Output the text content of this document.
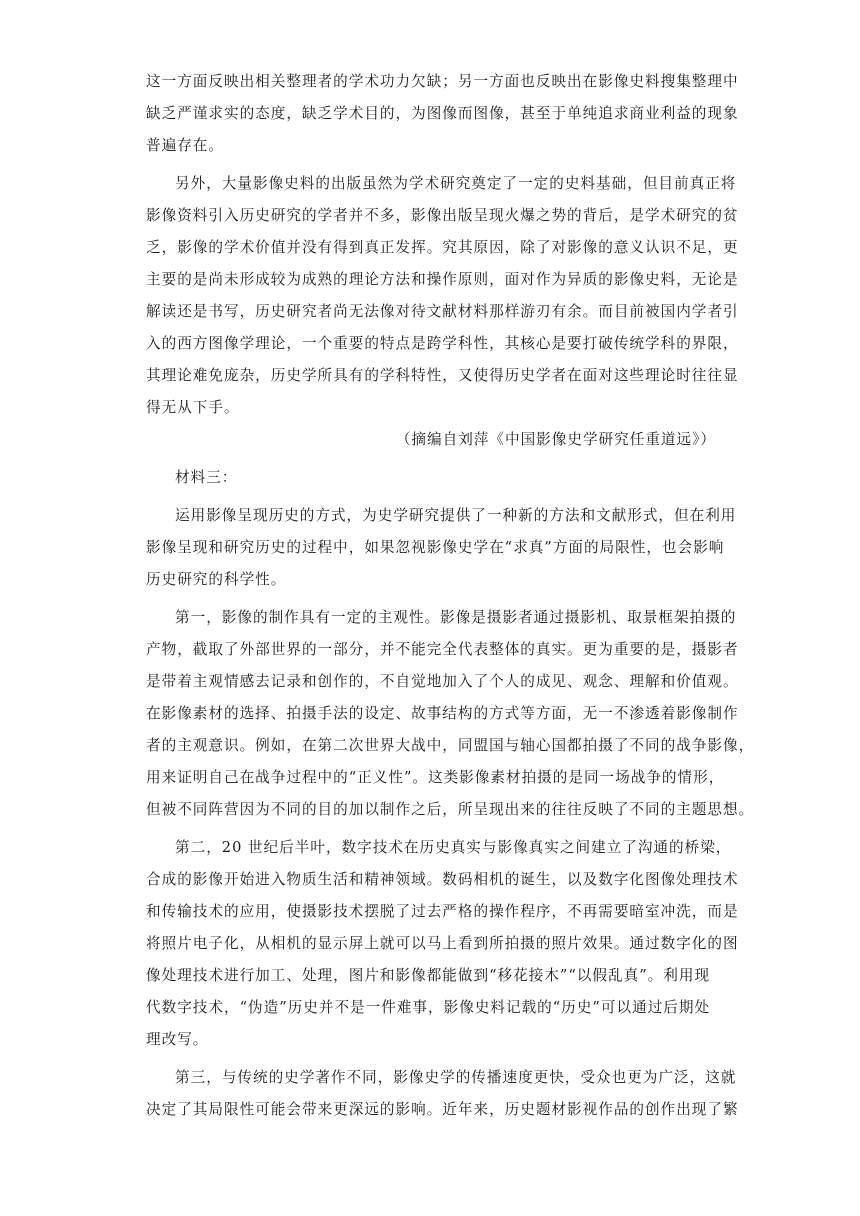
这一方面反映出相关整理者的学术功力欠缺；另一方面也反映出在影像史料搜集整理中

缺乏严谨求实的态度，缺乏学术目的，为图像而图像，甚至于单纯追求商业利益的现象

普遍存在。

另外，大量影像史料的出版虽然为学术研究奠定了一定的史料基础，但目前真正将

影像资料引入历史研究的学者并不多，影像出版呈现火爆之势的背后，是学术研究的贫

乏，影像的学术价值并没有得到真正发挥。究其原因，除了对影像的意义认识不足，更

主要的是尚未形成较为成熟的理论方法和操作原则，面对作为异质的影像史料，无论是

解读还是书写，历史研究者尚无法像对待文献材料那样游刃有余。而目前被国内学者引

入的西方图像学理论，一个重要的特点是跨学科性，其核心是要打破传统学科的界限，

其理论难免庞杂，历史学所具有的学科特性，又使得历史学者在面对这些理论时往往显

得无从下手。

（摘编自刘萍《中国影像史学研究任重道远》）

材料三：

运用影像呈现历史的方式，为史学研究提供了一种新的方法和文献形式，但在利用

影像呈现和研究历史的过程中，如果忽视影像史学在“求真”方面的局限性，也会影响

历史研究的科学性。

第一，影像的制作具有一定的主观性。影像是摄影者通过摄影机、取景框架拍摄的

产物，截取了外部世界的一部分，并不能完全代表整体的真实。更为重要的是，摄影者

是带着主观情感去记录和创作的，不自觉地加入了个人的成见、观念、理解和价值观。

在影像素材的选择、拍摄手法的设定、故事结构的方式等方面，无一不渗透着影像制作

者的主观意识。例如，在第二次世界大战中，同盟国与轴心国都拍摄了不同的战争影像，

用来证明自己在战争过程中的“正义性”。这类影像素材拍摄的是同一场战争的情形，

但被不同阵营因为不同的目的加以制作之后，所呈现出来的往往反映了不同的主题思想。

第二，20 世纪后半叶，数字技术在历史真实与影像真实之间建立了沟通的桥梁，

合成的影像开始进入物质生活和精神领域。数码相机的诞生，以及数字化图像处理技术

和传输技术的应用，使摄影技术摆脱了过去严格的操作程序，不再需要暗室冲洗，而是

将照片电子化，从相机的显示屏上就可以马上看到所拍摄的照片效果。通过数字化的图

像处理技术进行加工、处理，图片和影像都能做到“移花接木”“以假乱真”。利用现

代数字技术，“伪造”历史并不是一件难事，影像史料记载的“历史”可以通过后期处

理改写。

第三，与传统的史学著作不同，影像史学的传播速度更快，受众也更为广泛，这就

决定了其局限性可能会带来更深远的影响。近年来，历史题材影视作品的创作出现了繁
